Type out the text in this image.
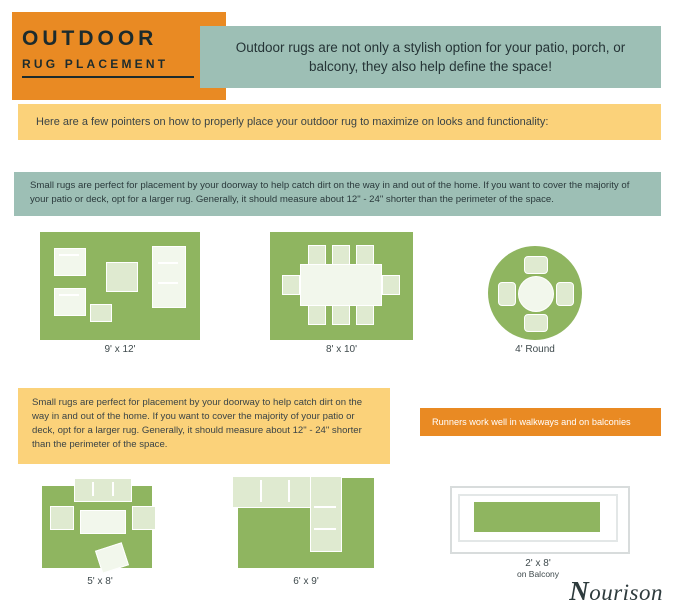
OUTDOOR
RUG PLACEMENT

Outdoor rugs are not only a stylish option for your patio, porch, or balcony, they also help define the space!

Here are a few pointers on how to properly place your outdoor rug to maximize on looks and functionality:

Small rugs are perfect for placement by your doorway to help catch dirt on the way in and out of the home. If you want to cover the majority of your patio or deck, opt for a larger rug. Generally, it should measure about 12" - 24" shorter than the perimeter of the space.

9' x 12'	8' x 10'	4' Round

Small rugs are perfect for placement by your doorway to help catch dirt on the way in and out of the home. If you want to cover the majority of your patio or deck, opt for a larger rug. Generally, it should measure about 12" - 24" shorter than the perimeter of the space.

Runners work well in walkways and on balconies

5' x 8'	6' x 9'
2' x 8'
on Balcony
Nourison
